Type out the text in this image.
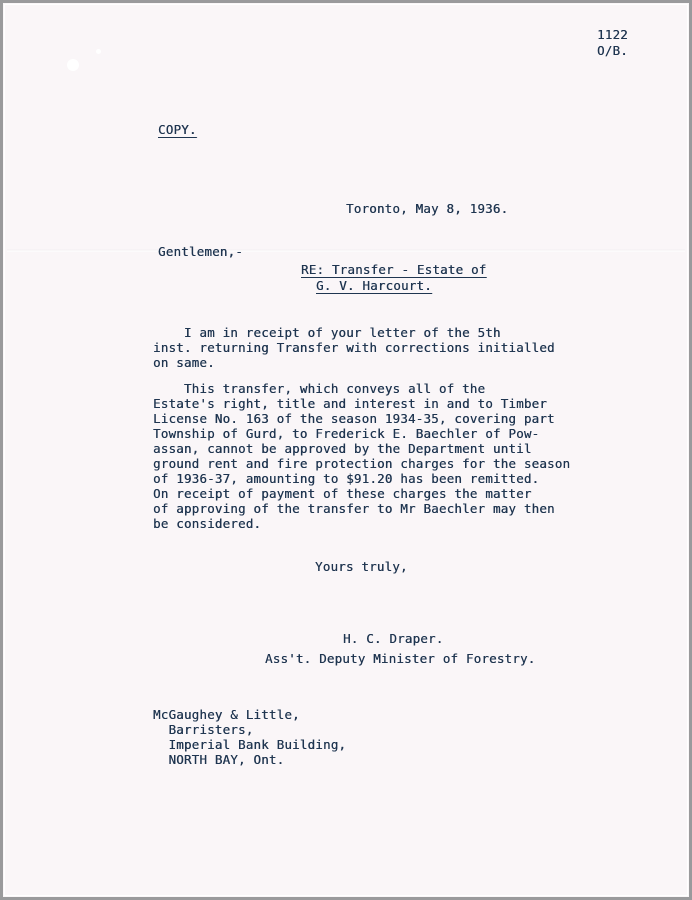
1122
O/B.
COPY.
Toronto, May 8, 1936.
Gentlemen,-
RE: Transfer - Estate of
G. V. Harcourt.
I am in receipt of your letter of the 5th
inst. returning Transfer with corrections initialled
on same.
This transfer, which conveys all of the
Estate's right, title and interest in and to Timber
License No. 163 of the season 1934-35, covering part
Township of Gurd, to Frederick E. Baechler of Pow-
assan, cannot be approved by the Department until
ground rent and fire protection charges for the season
of 1936-37, amounting to $91.20 has been remitted.
On receipt of payment of these charges the matter
of approving of the transfer to Mr Baechler may then
be considered.
Yours truly,
H. C. Draper.
Ass't. Deputy Minister of Forestry.
McGaughey & Little,
Barristers,
Imperial Bank Building,
NORTH BAY, Ont.
